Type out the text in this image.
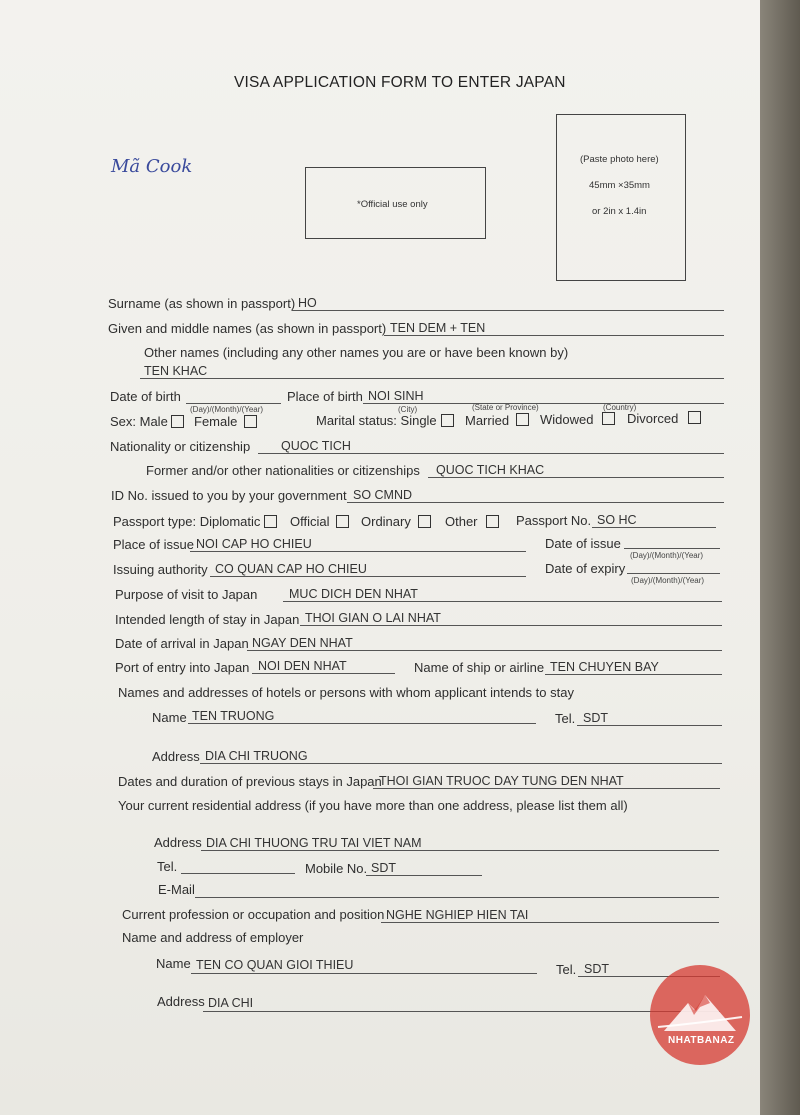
VISA APPLICATION FORM TO ENTER JAPAN
Mã Cook
*Official use only
(Paste photo here)
45mm ×35mm
or 2in x 1.4in
Surname (as shown in passport) HO
Given and middle names (as shown in passport) TEN DEM + TEN
Other names (including any other names you are or have been known by)
TEN KHAC
Date of birth
(Day)/(Month)/(Year)
Place of birth NOI SINH
(City)	(State or Province)	(Country)
Sex: Male Female	Marital status: Single Married Widowed	Divorced
Nationality or citizenship QUOC TICH
Former and/or other nationalities or citizenships QUOC TICH KHAC
ID No. issued to you by your government SO CMND
Passport type: Diplomatic Official Ordinary	Other	Passport No. SO HC
Place of issue NOI CAP HO CHIEU	Date of issue
(Day)/(Month)/(Year)
Issuing authority CO QUAN CAP HO CHIEU	Date of expiry
(Day)/(Month)/(Year)
Purpose of visit to Japan	MUC DICH DEN NHAT
Intended length of stay in Japan THOI GIAN O LAI NHAT
Date of arrival in Japan NGAY DEN NHAT
Port of entry into Japan NOI DEN NHAT	Name of ship or airline TEN CHUYEN BAY
Names and addresses of hotels or persons with whom applicant intends to stay
Name TEN TRUONG	Tel. SDT
Address DIA CHI TRUONG
Dates and duration of previous stays in Japan
THOI GIAN TRUOC DAY TUNG DEN NHAT
Your current residential address (if you have more than one address, please list them all)
Address DIA CHI THUONG TRU TAI VIET NAM
Tel.	Mobile No. SDT
E-Mail
Current profession or occupation and position NGHE NGHIEP HIEN TAI
Name and address of employer
Name TEN CO QUAN GIOI THIEU	Tel. SDT
Address DIA CHI
NHATBANAZ
